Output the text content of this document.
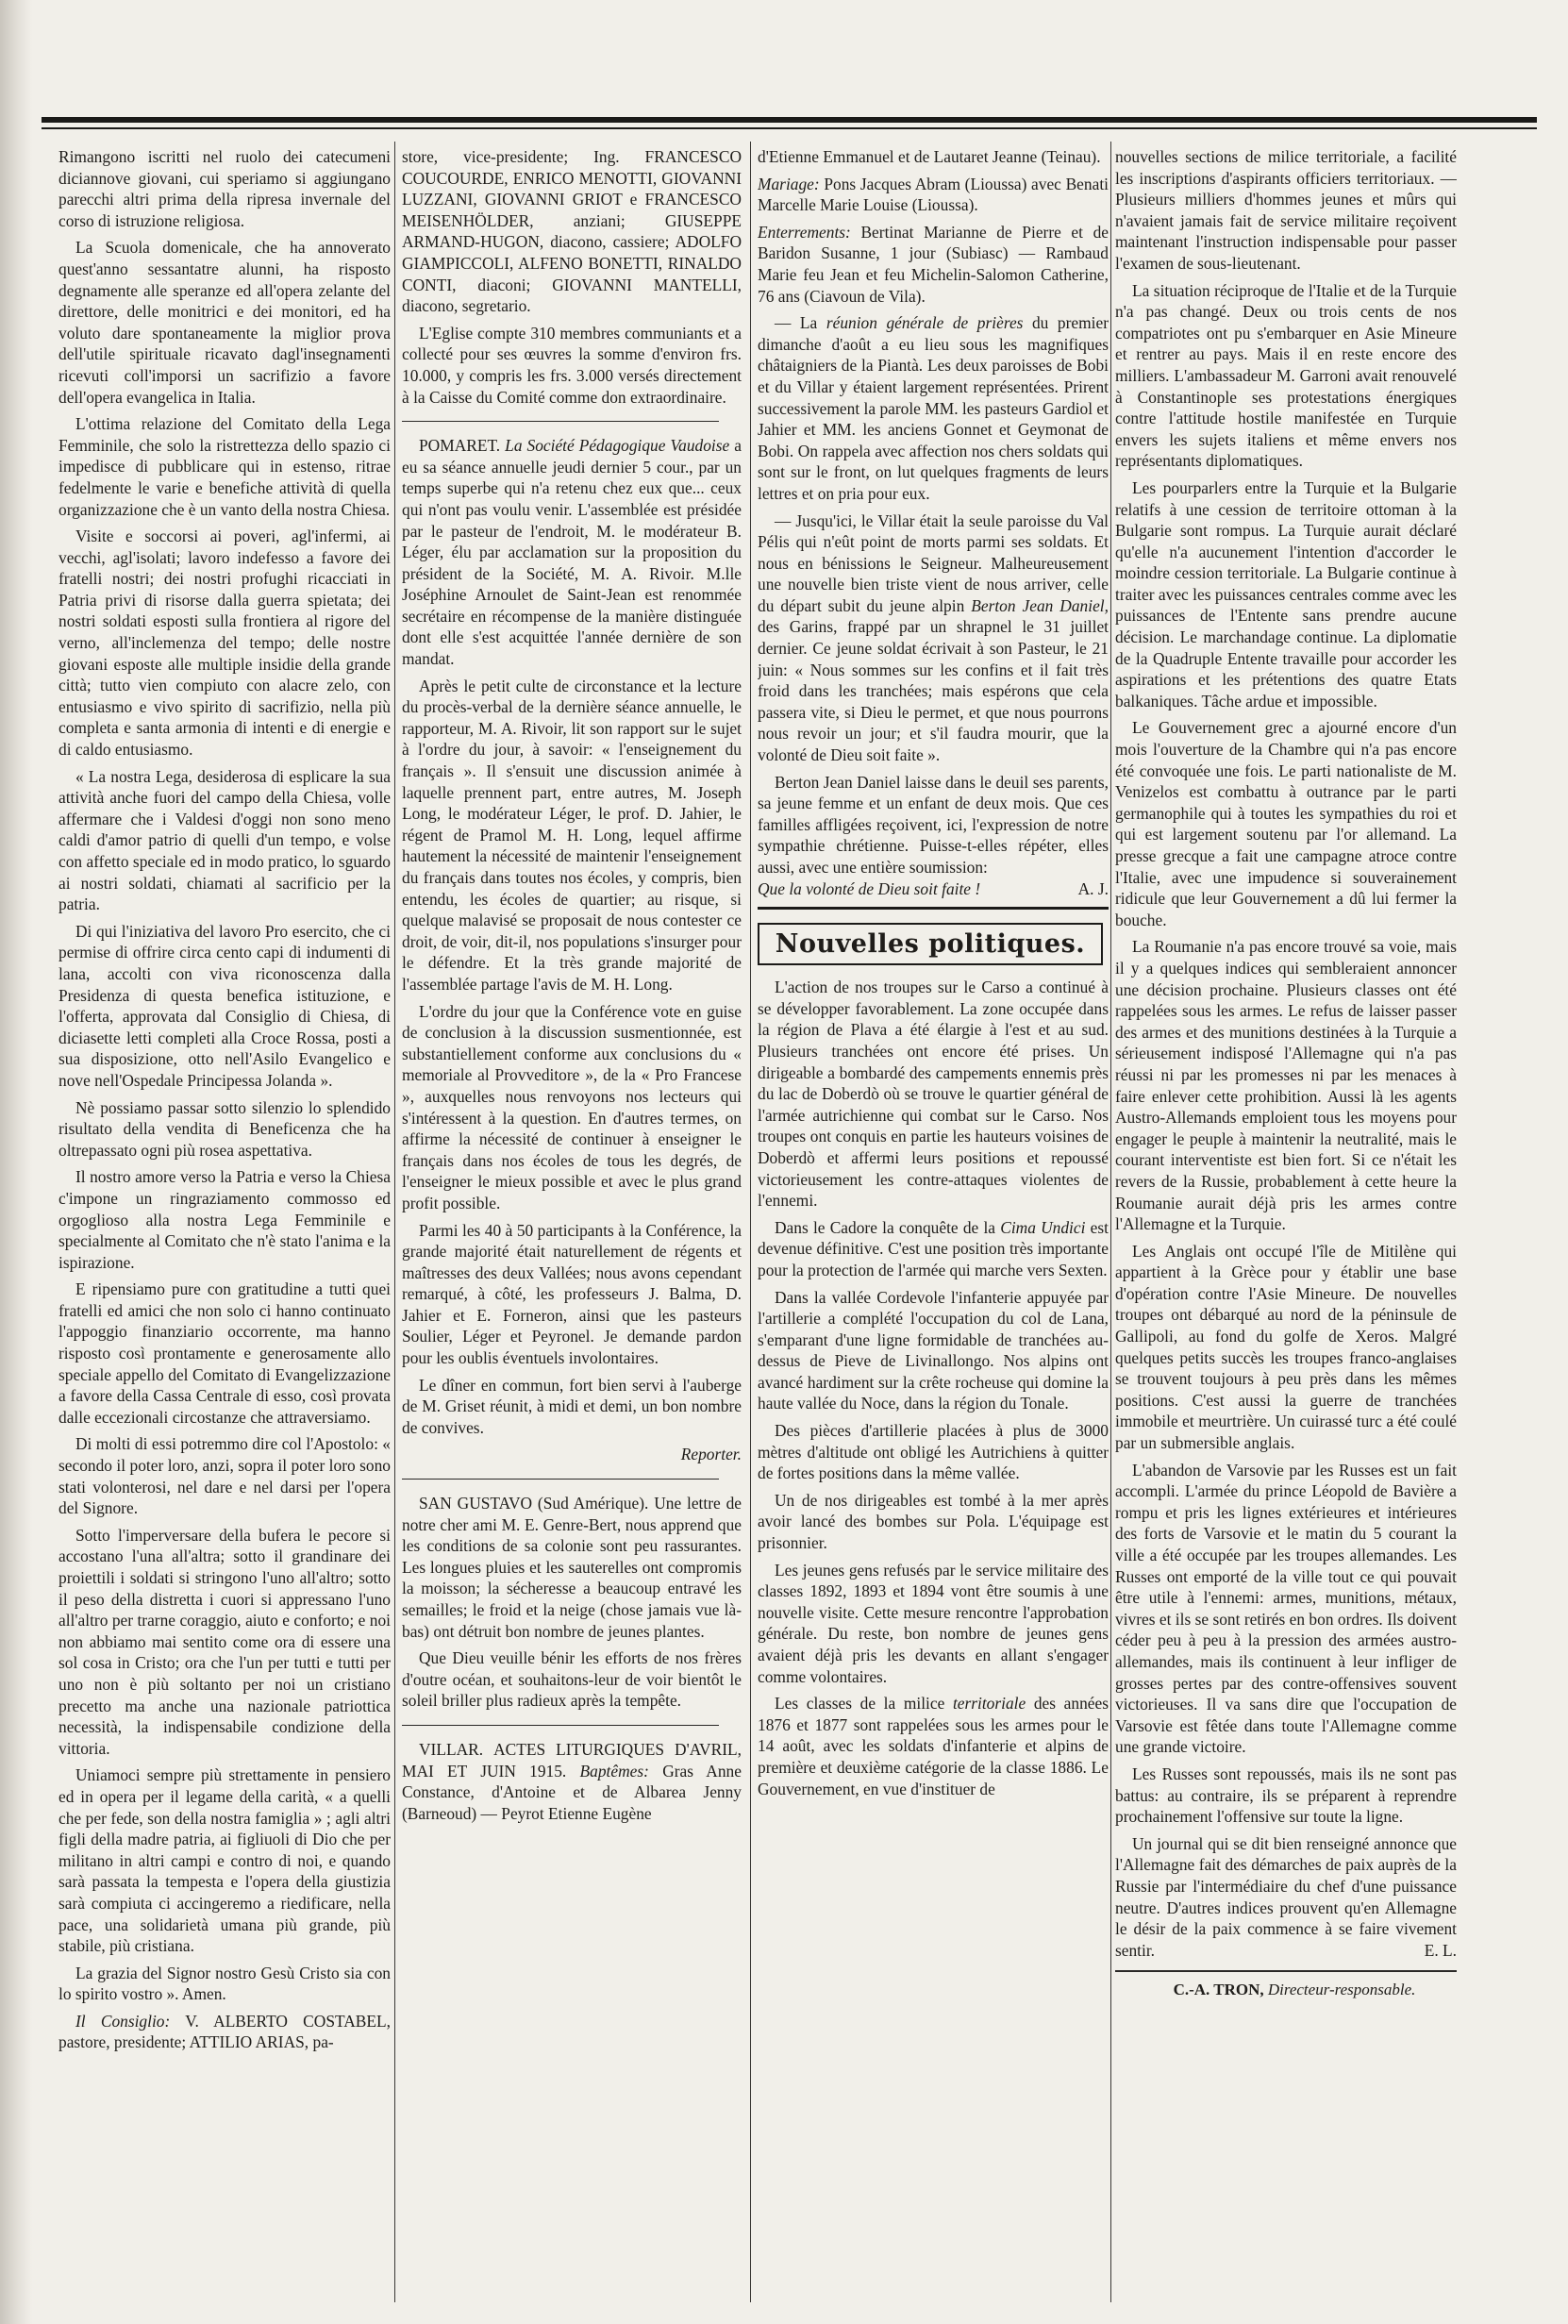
Rimangono iscritti nel ruolo dei catecumeni diciannove giovani, cui speriamo si aggiungano parecchi altri prima della ripresa invernale del corso di istruzione religiosa.

La Scuola domenicale, che ha annoverato quest'anno sessantatre alunni, ha risposto degnamente alle speranze ed all'opera zelante del direttore, delle monitrici e dei monitori, ed ha voluto dare spontaneamente la miglior prova dell'utile spirituale ricavato dagl'insegnamenti ricevuti coll'imporsi un sacrifizio a favore dell'opera evangelica in Italia.

L'ottima relazione del Comitato della Lega Femminile, che solo la ristrettezza dello spazio ci impedisce di pubblicare qui in estenso, ritrae fedelmente le varie e benefiche attività di quella organizzazione che è un vanto della nostra Chiesa.

Visite e soccorsi ai poveri, agl'infermi, ai vecchi, agl'isolati; lavoro indefesso a favore dei fratelli nostri; dei nostri profughi ricacciati in Patria privi di risorse dalla guerra spietata; dei nostri soldati esposti sulla frontiera al rigore del verno, all'inclemenza del tempo; delle nostre giovani esposte alle multiple insidie della grande città; tutto vien compiuto con alacre zelo, con entusiasmo e vivo spirito di sacrifizio, nella più completa e santa armonia di intenti e di energie e di caldo entusiasmo.

« La nostra Lega, desiderosa di esplicare la sua attività anche fuori del campo della Chiesa, volle affermare che i Valdesi d'oggi non sono meno caldi d'amor patrio di quelli d'un tempo, e volse con affetto speciale ed in modo pratico, lo sguardo ai nostri soldati, chiamati al sacrificio per la patria.

Di qui l'iniziativa del lavoro Pro esercito, che ci permise di offrire circa cento capi di indumenti di lana, accolti con viva riconoscenza dalla Presidenza di questa benefica istituzione, e l'offerta, approvata dal Consiglio di Chiesa, di diciasette letti completi alla Croce Rossa, posti a sua disposizione, otto nell'Asilo Evangelico e nove nell'Ospedale Principessa Jolanda ».

Nè possiamo passar sotto silenzio lo splendido risultato della vendita di Beneficenza che ha oltrepassato ogni più rosea aspettativa.

Il nostro amore verso la Patria e verso la Chiesa c'impone un ringraziamento commosso ed orgoglioso alla nostra Lega Femminile e specialmente al Comitato che n'è stato l'anima e la ispirazione.

E ripensiamo pure con gratitudine a tutti quei fratelli ed amici che non solo ci hanno continuato l'appoggio finanziario occorrente, ma hanno risposto così prontamente e generosamente allo speciale appello del Comitato di Evangelizzazione a favore della Cassa Centrale di esso, così provata dalle eccezionali circostanze che attraversiamo.

Di molti di essi potremmo dire col l'Apostolo: « secondo il poter loro, anzi, sopra il poter loro sono stati volonterosi, nel dare e nel darsi per l'opera del Signore.

Sotto l'imperversare della bufera le pecore si accostano l'una all'altra; sotto il grandinare dei proiettili i soldati si stringono l'uno all'altro; sotto il peso della distretta i cuori si appressano l'uno all'altro per trarne coraggio, aiuto e conforto; e noi non abbiamo mai sentito come ora di essere una sol cosa in Cristo; ora che l'un per tutti e tutti per uno non è più soltanto per noi un cristiano precetto ma anche una nazionale patriottica necessità, la indispensabile condizione della vittoria.

Uniamoci sempre più strettamente in pensiero ed in opera per il legame della carità, « a quelli che per fede, son della nostra famiglia » ; agli altri figli della madre patria, ai figliuoli di Dio che per militano in altri campi e contro di noi, e quando sarà passata la tempesta e l'opera della giustizia sarà compiuta ci accingeremo a riedificare, nella pace, una solidarietà umana più grande, più stabile, più cristiana.

La grazia del Signor nostro Gesù Cristo sia con lo spirito vostro ». Amen.

Il Consiglio: V. ALBERTO COSTABEL, pastore, presidente; ATTILIO ARIAS, pa-

store, vice-presidente; Ing. FRANCESCO COUCOURDE, ENRICO MENOTTI, GIOVANNI LUZZANI, GIOVANNI GRIOT e FRANCESCO MEISENHÖLDER, anziani; GIUSEPPE ARMAND-HUGON, diacono, cassiere; ADOLFO GIAMPICCOLI, ALFENO BONETTI, RINALDO CONTI, diaconi; GIOVANNI MANTELLI, diacono, segretario.

L'Eglise compte 310 membres communiants et a collecté pour ses œuvres la somme d'environ frs. 10.000, y compris les frs. 3.000 versés directement à la Caisse du Comité comme don extraordinaire.

POMARET. La Société Pédagogique Vaudoise a eu sa séance annuelle jeudi dernier 5 cour., par un temps superbe qui n'a retenu chez eux que... ceux qui n'ont pas voulu venir. L'assemblée est présidée par le pasteur de l'endroit, M. le modérateur B. Léger, élu par acclamation sur la proposition du président de la Société, M. A. Rivoir. M.lle Joséphine Arnoulet de Saint-Jean est renommée secrétaire en récompense de la manière distinguée dont elle s'est acquittée l'année dernière de son mandat.

Après le petit culte de circonstance et la lecture du procès-verbal de la dernière séance annuelle, le rapporteur, M. A. Rivoir, lit son rapport sur le sujet à l'ordre du jour, à savoir: « l'enseignement du français ». Il s'ensuit une discussion animée à laquelle prennent part, entre autres, M. Joseph Long, le modérateur Léger, le prof. D. Jahier, le régent de Pramol M. H. Long, lequel affirme hautement la nécessité de maintenir l'enseignement du français dans toutes nos écoles, y compris, bien entendu, les écoles de quartier; au risque, si quelque malavisé se proposait de nous contester ce droit, de voir, dit-il, nos populations s'insurger pour le défendre. Et la très grande majorité de l'assemblée partage l'avis de M. H. Long.

L'ordre du jour que la Conférence vote en guise de conclusion à la discussion susmentionnée, est substantiellement conforme aux conclusions du « memoriale al Provveditore », de la « Pro Francese », auxquelles nous renvoyons nos lecteurs qui s'intéressent à la question. En d'autres termes, on affirme la nécessité de continuer à enseigner le français dans nos écoles de tous les degrés, de l'enseigner le mieux possible et avec le plus grand profit possible.

Parmi les 40 à 50 participants à la Conférence, la grande majorité était naturellement de régents et maîtresses des deux Vallées; nous avons cependant remarqué, à côté, les professeurs J. Balma, D. Jahier et E. Forneron, ainsi que les pasteurs Soulier, Léger et Peyronel. Je demande pardon pour les oublis éventuels involontaires.

Le dîner en commun, fort bien servi à l'auberge de M. Griset réunit, à midi et demi, un bon nombre de convives.

Reporter.

SAN GUSTAVO (Sud Amérique). Une lettre de notre cher ami M. E. Genre-Bert, nous apprend que les conditions de sa colonie sont peu rassurantes. Les longues pluies et les sauterelles ont compromis la moisson; la sécheresse a beaucoup entravé les semailles; le froid et la neige (chose jamais vue là-bas) ont détruit bon nombre de jeunes plantes.

Que Dieu veuille bénir les efforts de nos frères d'outre océan, et souhaitons-leur de voir bientôt le soleil briller plus radieux après la tempête.

VILLAR. ACTES LITURGIQUES D'AVRIL, MAI ET JUIN 1915. Baptêmes: Gras Anne Constance, d'Antoine et de Albarea Jenny (Barneoud) — Peyrot Etienne Eugène

d'Etienne Emmanuel et de Lautaret Jeanne (Teinau).

Mariage: Pons Jacques Abram (Lioussa) avec Benati Marcelle Marie Louise (Lioussa).

Enterrements: Bertinat Marianne de Pierre et de Baridon Susanne, 1 jour (Subiasc) — Rambaud Marie feu Jean et feu Michelin-Salomon Catherine, 76 ans (Ciavoun de Vila).

— La réunion générale de prières du premier dimanche d'août a eu lieu sous les magnifiques châtaigniers de la Piantà. Les deux paroisses de Bobi et du Villar y étaient largement représentées. Prirent successivement la parole MM. les pasteurs Gardiol et Jahier et MM. les anciens Gonnet et Geymonat de Bobi. On rappela avec affection nos chers soldats qui sont sur le front, on lut quelques fragments de leurs lettres et on pria pour eux.

— Jusqu'ici, le Villar était la seule paroisse du Val Pélis qui n'eût point de morts parmi ses soldats. Et nous en bénissions le Seigneur. Malheureusement une nouvelle bien triste vient de nous arriver, celle du départ subit du jeune alpin Berton Jean Daniel, des Garins, frappé par un shrapnel le 31 juillet dernier. Ce jeune soldat écrivait à son Pasteur, le 21 juin: « Nous sommes sur les confins et il fait très froid dans les tranchées; mais espérons que cela passera vite, si Dieu le permet, et que nous pourrons nous revoir un jour; et s'il faudra mourir, que la volonté de Dieu soit faite ».

Berton Jean Daniel laisse dans le deuil ses parents, sa jeune femme et un enfant de deux mois. Que ces familles affligées reçoivent, ici, l'expression de notre sympathie chrétienne. Puisse-t-elles répéter, elles aussi, avec une entière soumission:
Que la volonté de Dieu soit faite !	A. J.

Nouvelles politiques.

L'action de nos troupes sur le Carso a continué à se développer favorablement. La zone occupée dans la région de Plava a été élargie à l'est et au sud. Plusieurs tranchées ont encore été prises. Un dirigeable a bombardé des campements ennemis près du lac de Doberdò où se trouve le quartier général de l'armée autrichienne qui combat sur le Carso. Nos troupes ont conquis en partie les hauteurs voisines de Doberdò et affermi leurs positions et repoussé victorieusement les contre-attaques violentes de l'ennemi.

Dans le Cadore la conquête de la Cima Undici est devenue définitive. C'est une position très importante pour la protection de l'armée qui marche vers Sexten.

Dans la vallée Cordevole l'infanterie appuyée par l'artillerie a complété l'occupation du col de Lana, s'emparant d'une ligne formidable de tranchées au-dessus de Pieve de Livinallongo. Nos alpins ont avancé hardiment sur la crête rocheuse qui domine la haute vallée du Noce, dans la région du Tonale.

Des pièces d'artillerie placées à plus de 3000 mètres d'altitude ont obligé les Autrichiens à quitter de fortes positions dans la même vallée.

Un de nos dirigeables est tombé à la mer après avoir lancé des bombes sur Pola. L'équipage est prisonnier.

Les jeunes gens refusés par le service militaire des classes 1892, 1893 et 1894 vont être soumis à une nouvelle visite. Cette mesure rencontre l'approbation générale. Du reste, bon nombre de jeunes gens avaient déjà pris les devants en allant s'engager comme volontaires.

Les classes de la milice territoriale des années 1876 et 1877 sont rappelées sous les armes pour le 14 août, avec les soldats d'infanterie et alpins de première et deuxième catégorie de la classe 1886. Le Gouvernement, en vue d'instituer de

nouvelles sections de milice territoriale, a facilité les inscriptions d'aspirants officiers territoriaux. — Plusieurs milliers d'hommes jeunes et mûrs qui n'avaient jamais fait de service militaire reçoivent maintenant l'instruction indispensable pour passer l'examen de sous-lieutenant.

La situation réciproque de l'Italie et de la Turquie n'a pas changé. Deux ou trois cents de nos compatriotes ont pu s'embarquer en Asie Mineure et rentrer au pays. Mais il en reste encore des milliers. L'ambassadeur M. Garroni avait renouvelé à Constantinople ses protestations énergiques contre l'attitude hostile manifestée en Turquie envers les sujets italiens et même envers nos représentants diplomatiques.

Les pourparlers entre la Turquie et la Bulgarie relatifs à une cession de territoire ottoman à la Bulgarie sont rompus. La Turquie aurait déclaré qu'elle n'a aucunement l'intention d'accorder le moindre cession territoriale. La Bulgarie continue à traiter avec les puissances centrales comme avec les puissances de l'Entente sans prendre aucune décision. Le marchandage continue. La diplomatie de la Quadruple Entente travaille pour accorder les aspirations et les prétentions des quatre Etats balkaniques. Tâche ardue et impossible.

Le Gouvernement grec a ajourné encore d'un mois l'ouverture de la Chambre qui n'a pas encore été convoquée une fois. Le parti nationaliste de M. Venizelos est combattu à outrance par le parti germanophile qui à toutes les sympathies du roi et qui est largement soutenu par l'or allemand. La presse grecque a fait une campagne atroce contre l'Italie, avec une impudence si souverainement ridicule que leur Gouvernement a dû lui fermer la bouche.

La Roumanie n'a pas encore trouvé sa voie, mais il y a quelques indices qui sembleraient annoncer une décision prochaine. Plusieurs classes ont été rappelées sous les armes. Le refus de laisser passer des armes et des munitions destinées à la Turquie a sérieusement indisposé l'Allemagne qui n'a pas réussi ni par les promesses ni par les menaces à faire enlever cette prohibition. Aussi là les agents Austro-Allemands emploient tous les moyens pour engager le peuple à maintenir la neutralité, mais le courant interventiste est bien fort. Si ce n'était les revers de la Russie, probablement à cette heure la Roumanie aurait déjà pris les armes contre l'Allemagne et la Turquie.

Les Anglais ont occupé l'île de Mitilène qui appartient à la Grèce pour y établir une base d'opération contre l'Asie Mineure. De nouvelles troupes ont débarqué au nord de la péninsule de Gallipoli, au fond du golfe de Xeros. Malgré quelques petits succès les troupes franco-anglaises se trouvent toujours à peu près dans les mêmes positions. C'est aussi la guerre de tranchées immobile et meurtrière. Un cuirassé turc a été coulé par un submersible anglais.

L'abandon de Varsovie par les Russes est un fait accompli. L'armée du prince Léopold de Bavière a rompu et pris les lignes extérieures et intérieures des forts de Varsovie et le matin du 5 courant la ville a été occupée par les troupes allemandes. Les Russes ont emporté de la ville tout ce qui pouvait être utile à l'ennemi: armes, munitions, métaux, vivres et ils se sont retirés en bon ordres. Ils doivent céder peu à peu à la pression des armées austro-allemandes, mais ils continuent à leur infliger de grosses pertes par des contre-offensives souvent victorieuses. Il va sans dire que l'occupation de Varsovie est fêtée dans toute l'Allemagne comme une grande victoire.

Les Russes sont repoussés, mais ils ne sont pas battus: au contraire, ils se préparent à reprendre prochainement l'offensive sur toute la ligne.

Un journal qui se dit bien renseigné annonce que l'Allemagne fait des démarches de paix auprès de la Russie par l'intermédiaire du chef d'une puissance neutre. D'autres indices prouvent qu'en Allemagne le désir de la paix commence à se faire vivement sentir.	E. L.

C.-A. TRON, Directeur-responsable.
